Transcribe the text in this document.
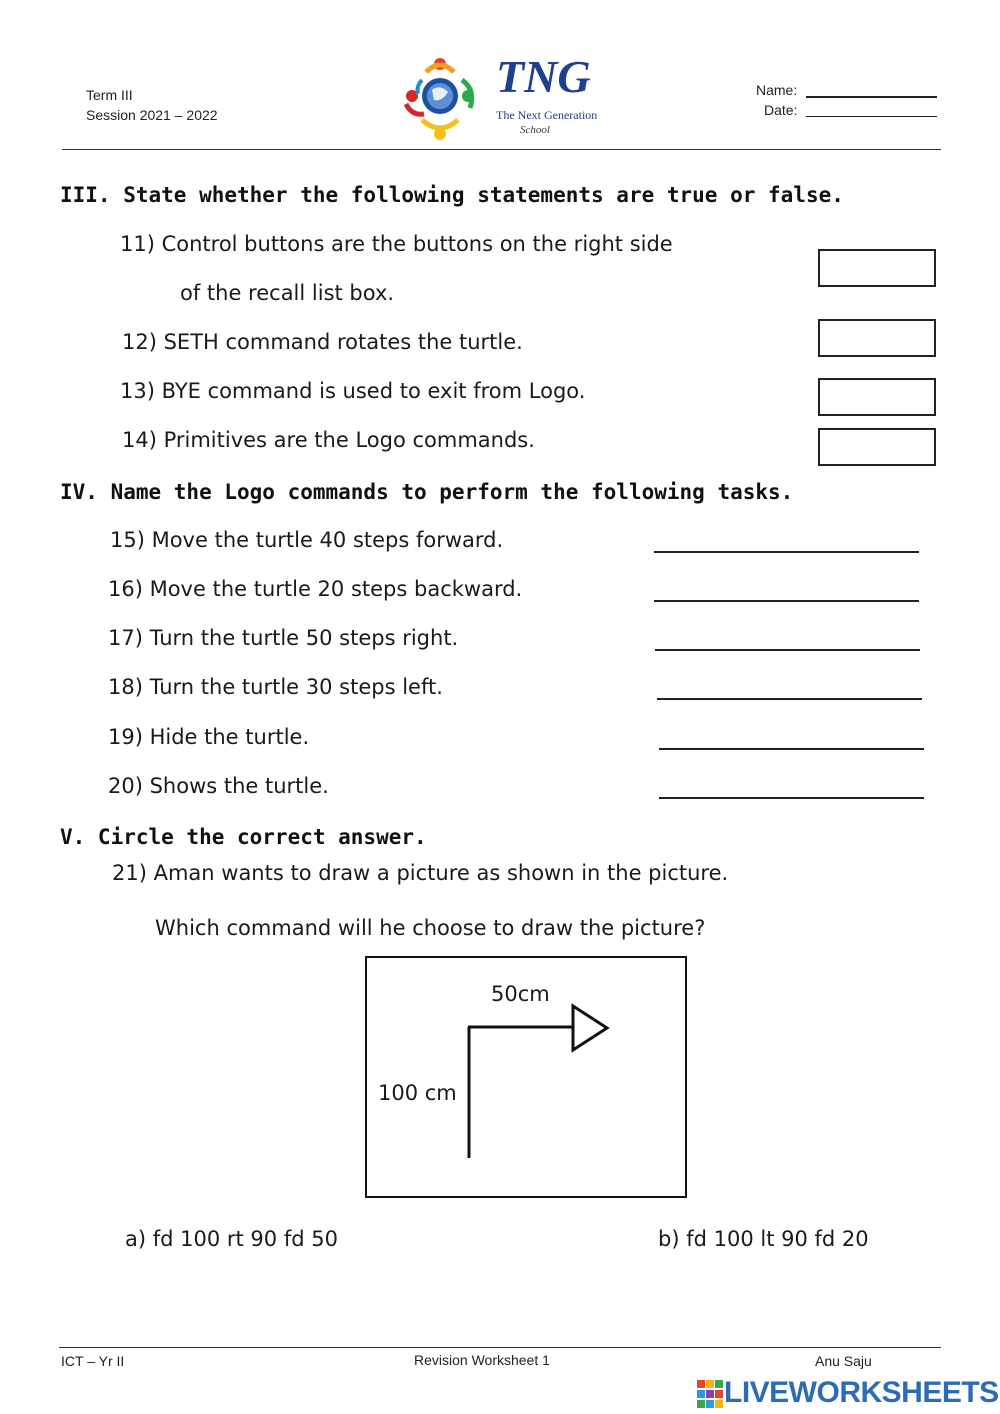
Term III
Session 2021 – 2022
TNG
The Next Generation
School
Name:
Date:
III. State whether the following statements are true or false.
11) Control buttons are the buttons on the right side
of the recall list box.
12) SETH command rotates the turtle.
13) BYE command is used to exit from Logo.
14) Primitives are the Logo commands.
IV. Name the Logo commands to perform the following tasks.
15) Move the turtle 40 steps forward.
16) Move the turtle 20 steps backward.
17) Turn the turtle 50 steps right.
18) Turn the turtle 30 steps left.
19) Hide the turtle.
20) Shows the turtle.
V. Circle the correct answer.
21) Aman wants to draw a picture as shown in the picture.
Which command will he choose to draw the picture?
50cm
100 cm
a) fd 100 rt 90 fd 50	b) fd 100 lt 90 fd 20
ICT – Yr II	Revision Worksheet 1	Anu Saju
LIVEWORKSHEETS
